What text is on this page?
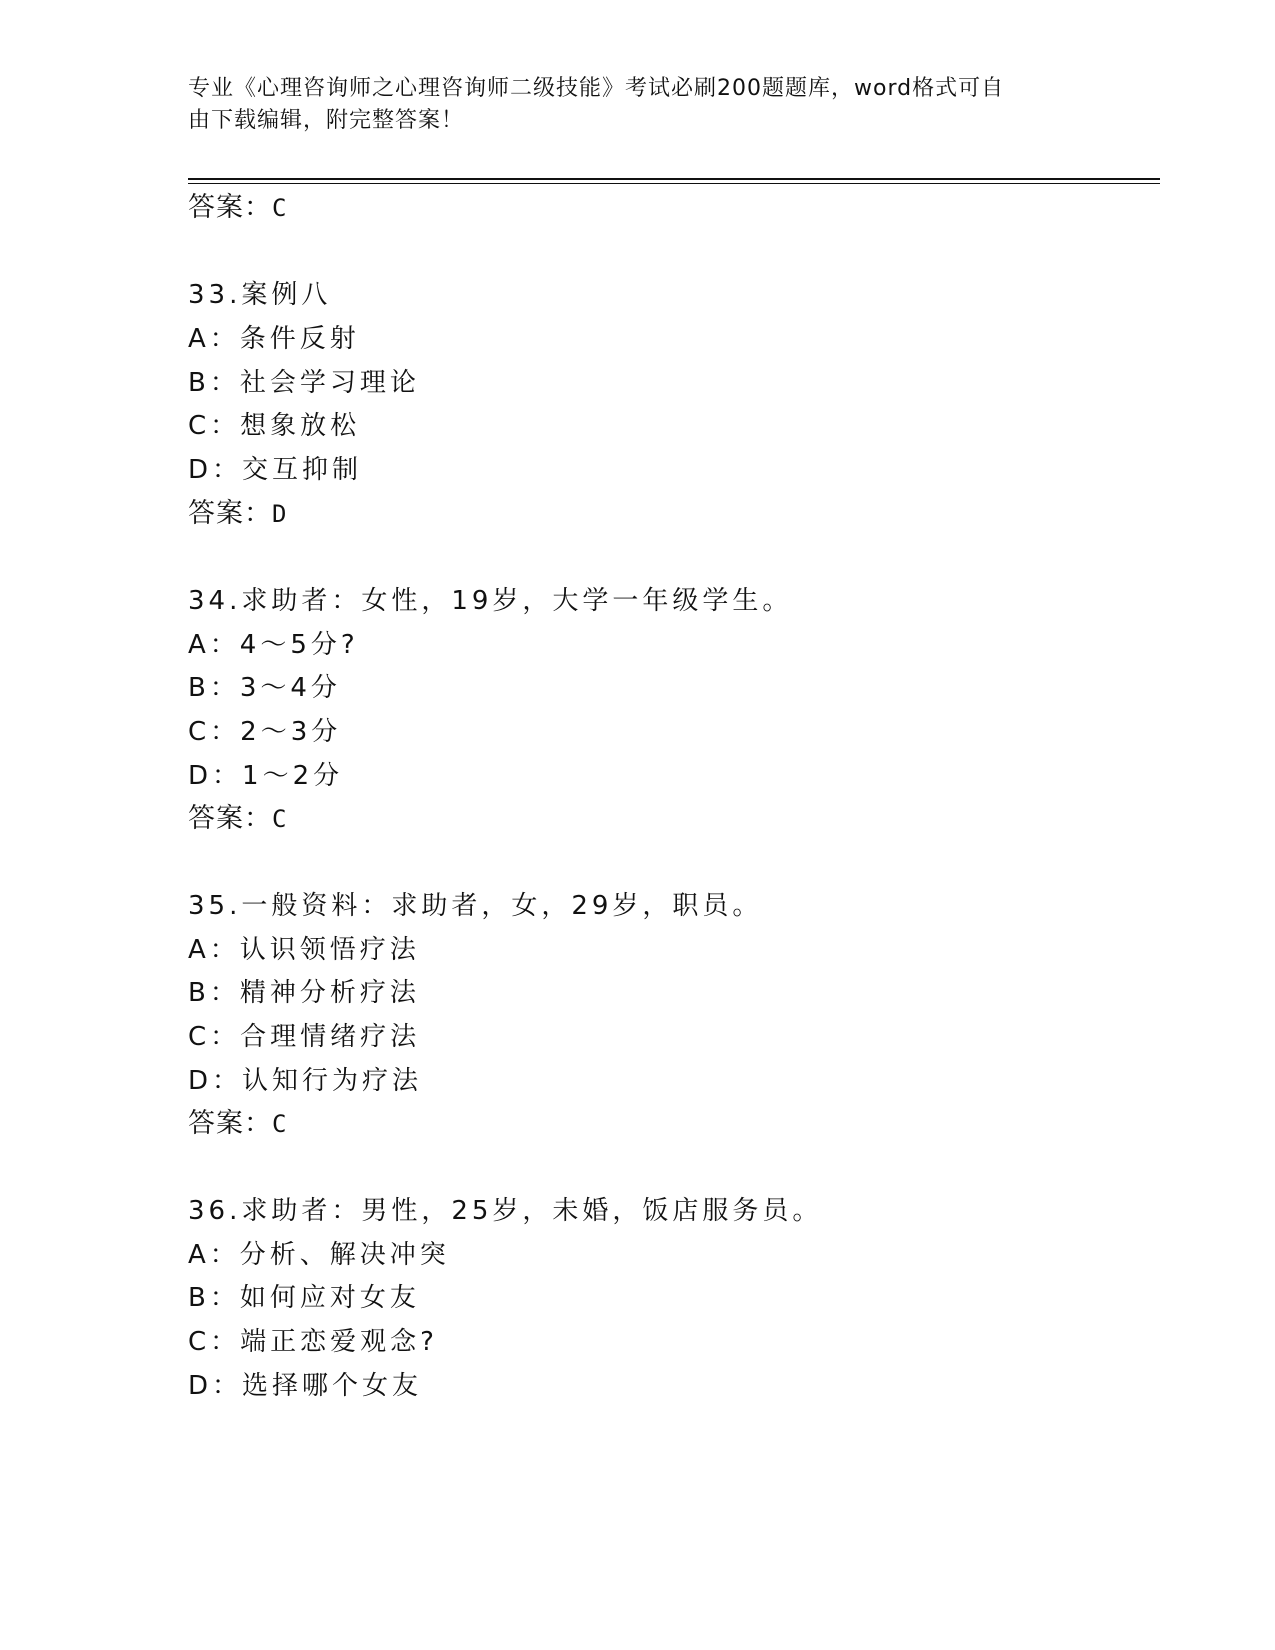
专业《心理咨询师之心理咨询师二级技能》考试必刷200题题库，word格式可自
由下载编辑，附完整答案！
答案：C
33.案例八
A：条件反射
B：社会学习理论
C：想象放松
D：交互抑制
答案：D
34.求助者：女性，19岁，大学一年级学生。
A：4～5分?
B：3～4分
C：2～3分
D：1～2分
答案：C
35.一般资料：求助者，女，29岁，职员。
A：认识领悟疗法
B：精神分析疗法
C：合理情绪疗法
D：认知行为疗法
答案：C
36.求助者：男性，25岁，未婚，饭店服务员。
A：分析、解决冲突
B：如何应对女友
C：端正恋爱观念?
D：选择哪个女友
